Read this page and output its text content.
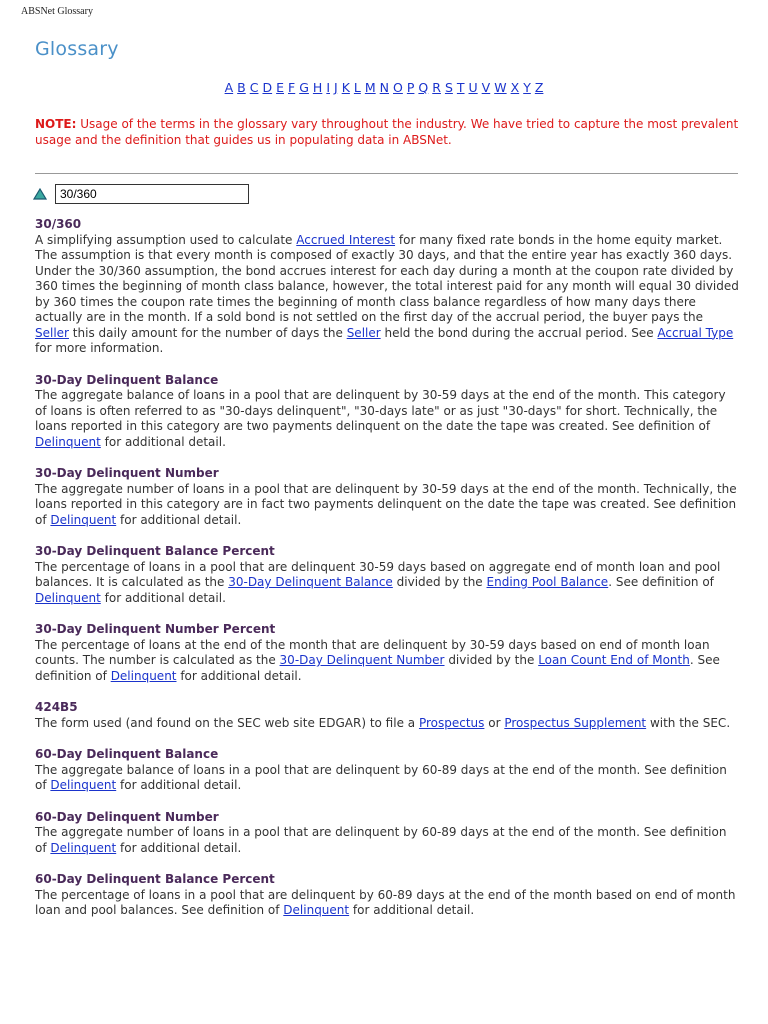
ABSNet Glossary
Glossary
A B C D E F G H I J K L M N O P Q R S T U V W X Y Z

NOTE: Usage of the terms in the glossary vary throughout the industry. We have tried to capture the most prevalent usage and the definition that guides us in populating data in ABSNet.

30/360

30/360

A simplifying assumption used to calculate Accrued Interest for many fixed rate bonds in the home equity market. The assumption is that every month is composed of exactly 30 days, and that the entire year has exactly 360 days. Under the 30/360 assumption, the bond accrues interest for each day during a month at the coupon rate divided by 360 times the beginning of month class balance, however, the total interest paid for any month will equal 30 divided by 360 times the coupon rate times the beginning of month class balance regardless of how many days there actually are in the month. If a sold bond is not settled on the first day of the accrual period, the buyer pays the Seller this daily amount for the number of days the Seller held the bond during the accrual period. See Accrual Type for more information.

30-Day Delinquent Balance

The aggregate balance of loans in a pool that are delinquent by 30-59 days at the end of the month. This category of loans is often referred to as "30-days delinquent", "30-days late" or as just "30-days" for short. Technically, the loans reported in this category are two payments delinquent on the date the tape was created. See definition of Delinquent for additional detail.

30-Day Delinquent Number

The aggregate number of loans in a pool that are delinquent by 30-59 days at the end of the month. Technically, the loans reported in this category are in fact two payments delinquent on the date the tape was created. See definition of Delinquent for additional detail.

30-Day Delinquent Balance Percent

The percentage of loans in a pool that are delinquent 30-59 days based on aggregate end of month loan and pool balances. It is calculated as the 30-Day Delinquent Balance divided by the Ending Pool Balance. See definition of Delinquent for additional detail.

30-Day Delinquent Number Percent

The percentage of loans at the end of the month that are delinquent by 30-59 days based on end of month loan counts. The number is calculated as the 30-Day Delinquent Number divided by the Loan Count End of Month. See definition of Delinquent for additional detail.

424B5

The form used (and found on the SEC web site EDGAR) to file a Prospectus or Prospectus Supplement with the SEC.

60-Day Delinquent Balance

The aggregate balance of loans in a pool that are delinquent by 60-89 days at the end of the month. See definition of Delinquent for additional detail.

60-Day Delinquent Number

The aggregate number of loans in a pool that are delinquent by 60-89 days at the end of the month. See definition of Delinquent for additional detail.

60-Day Delinquent Balance Percent

The percentage of loans in a pool that are delinquent by 60-89 days at the end of the month based on end of month loan and pool balances. See definition of Delinquent for additional detail.
